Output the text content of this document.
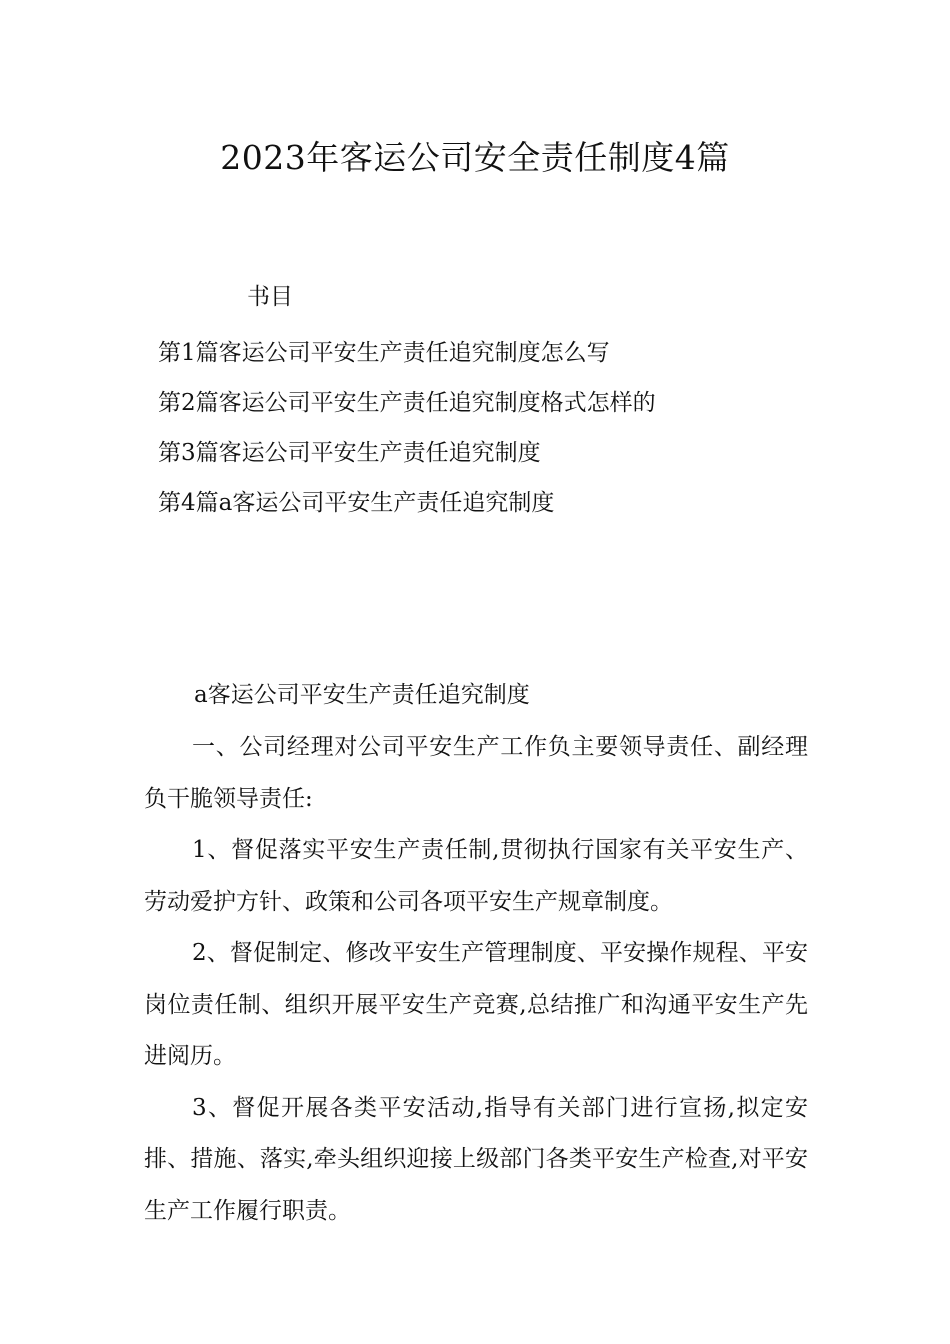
2023年客运公司安全责任制度4篇
书目
第1篇客运公司平安生产责任追究制度怎么写
第2篇客运公司平安生产责任追究制度格式怎样的
第3篇客运公司平安生产责任追究制度
第4篇a客运公司平安生产责任追究制度
a客运公司平安生产责任追究制度

一、公司经理对公司平安生产工作负主要领导责任、副经理负干脆领导责任:

1、督促落实平安生产责任制,贯彻执行国家有关平安生产、劳动爱护方针、政策和公司各项平安生产规章制度。

2、督促制定、修改平安生产管理制度、平安操作规程、平安岗位责任制、组织开展平安生产竞赛,总结推广和沟通平安生产先进阅历。

3、督促开展各类平安活动,指导有关部门进行宣扬,拟定安排、措施、落实,牵头组织迎接上级部门各类平安生产检查,对平安生产工作履行职责。
